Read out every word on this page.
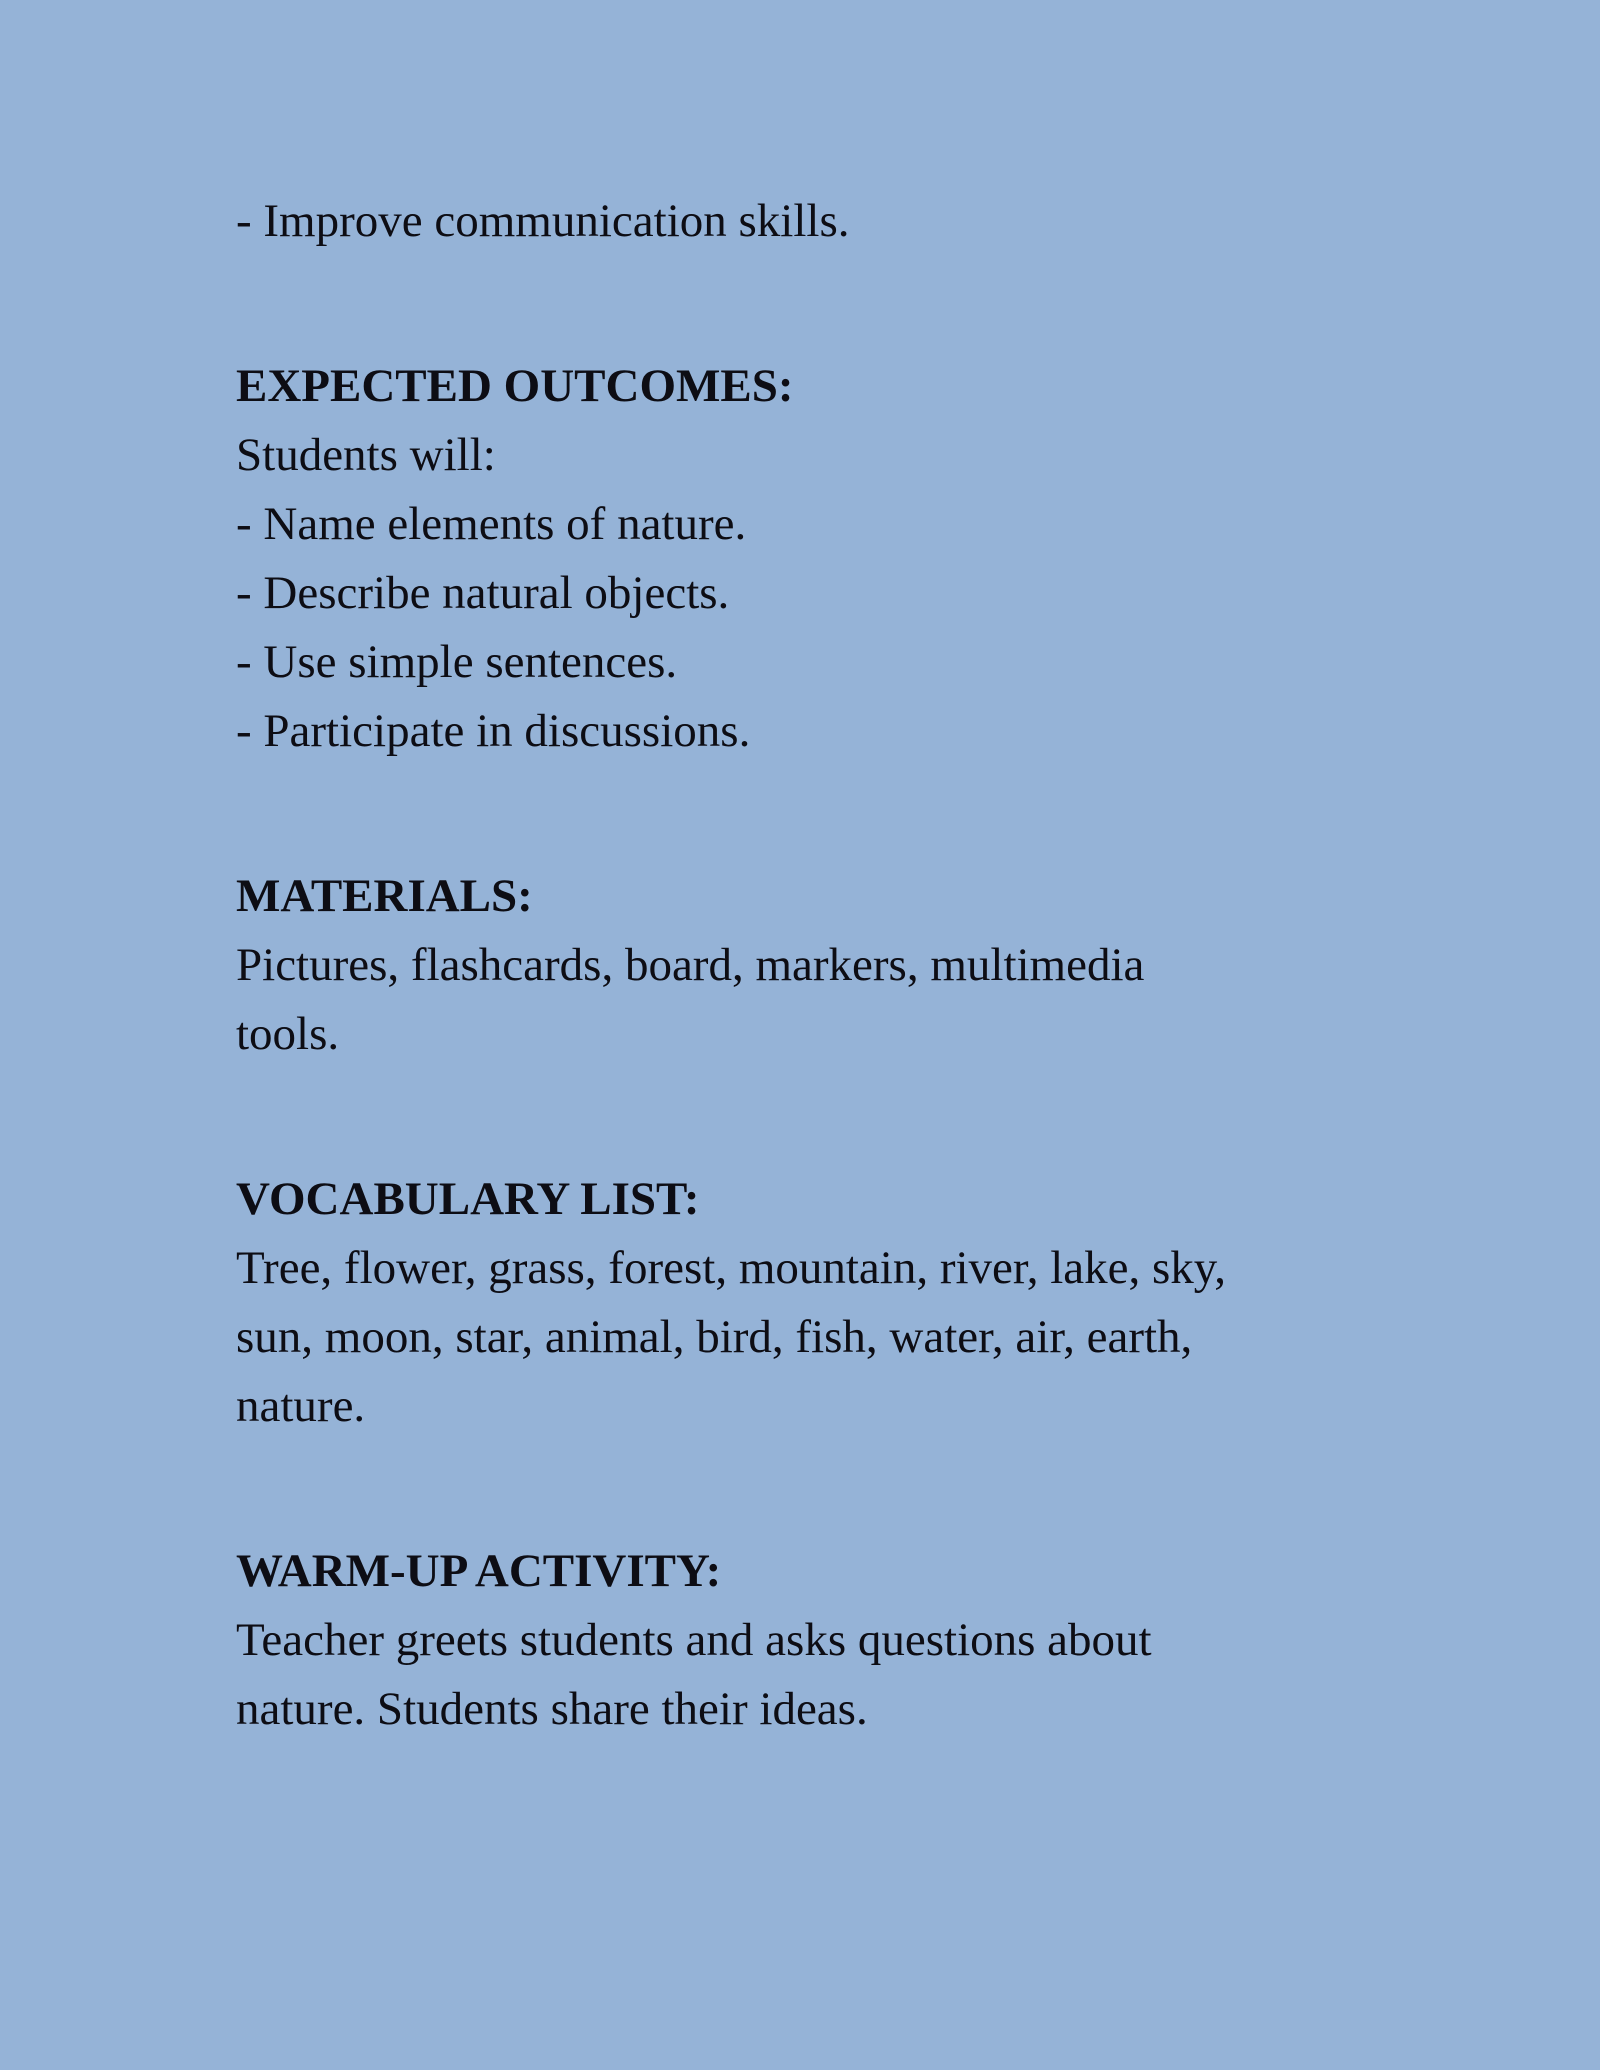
- Improve communication skills.

EXPECTED OUTCOMES:

Students will:

- Name elements of nature.

- Describe natural objects.

- Use simple sentences.

- Participate in discussions.

MATERIALS:

Pictures, flashcards, board, markers, multimedia

tools.

VOCABULARY LIST:

Tree, flower, grass, forest, mountain, river, lake, sky,

sun, moon, star, animal, bird, fish, water, air, earth,

nature.

WARM-UP ACTIVITY:

Teacher greets students and asks questions about

nature. Students share their ideas.
